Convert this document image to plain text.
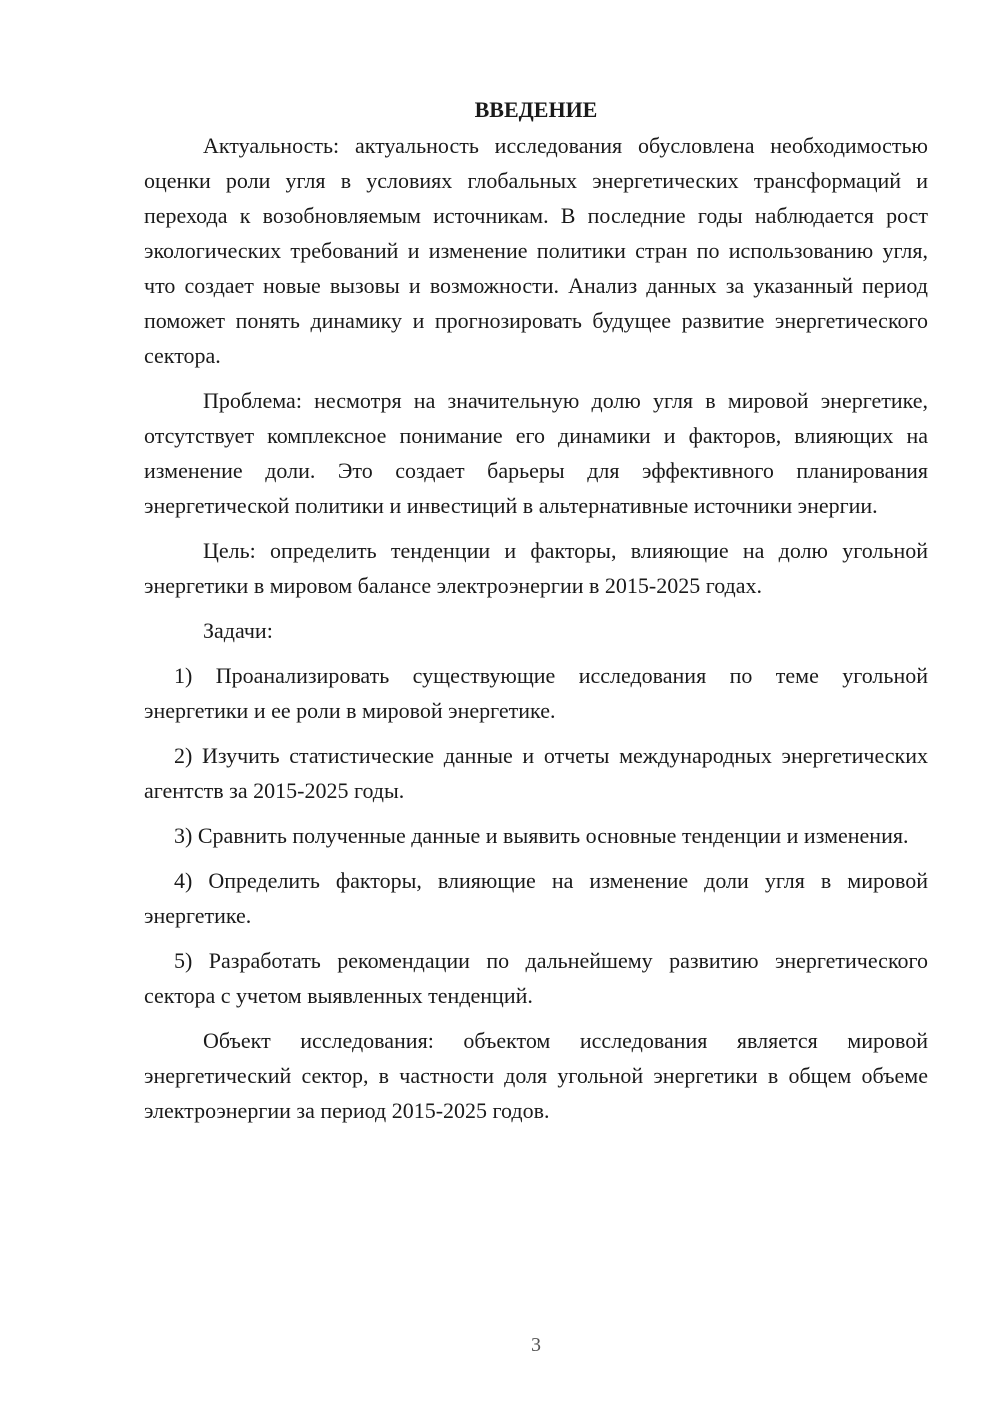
ВВЕДЕНИЕ

Актуальность: актуальность исследования обусловлена необходимостью оценки роли угля в условиях глобальных энергетических трансформаций и перехода к возобновляемым источникам. В последние годы наблюдается рост экологических требований и изменение политики стран по использованию угля, что создает новые вызовы и возможности. Анализ данных за указанный период поможет понять динамику и прогнозировать будущее развитие энергетического сектора.

Проблема: несмотря на значительную долю угля в мировой энергетике, отсутствует комплексное понимание его динамики и факторов, влияющих на изменение доли. Это создает барьеры для эффективного планирования энергетической политики и инвестиций в альтернативные источники энергии.

Цель: определить тенденции и факторы, влияющие на долю угольной энергетики в мировом балансе электроэнергии в 2015-2025 годах.

Задачи:

1) Проанализировать существующие исследования по теме угольной энергетики и ее роли в мировой энергетике.

2) Изучить статистические данные и отчеты международных энергетических агентств за 2015-2025 годы.

3) Сравнить полученные данные и выявить основные тенденции и изменения.

4) Определить факторы, влияющие на изменение доли угля в мировой энергетике.

5) Разработать рекомендации по дальнейшему развитию энергетического сектора с учетом выявленных тенденций.

Объект исследования: объектом исследования является мировой энергетический сектор, в частности доля угольной энергетики в общем объеме электроэнергии за период 2015-2025 годов.

3
